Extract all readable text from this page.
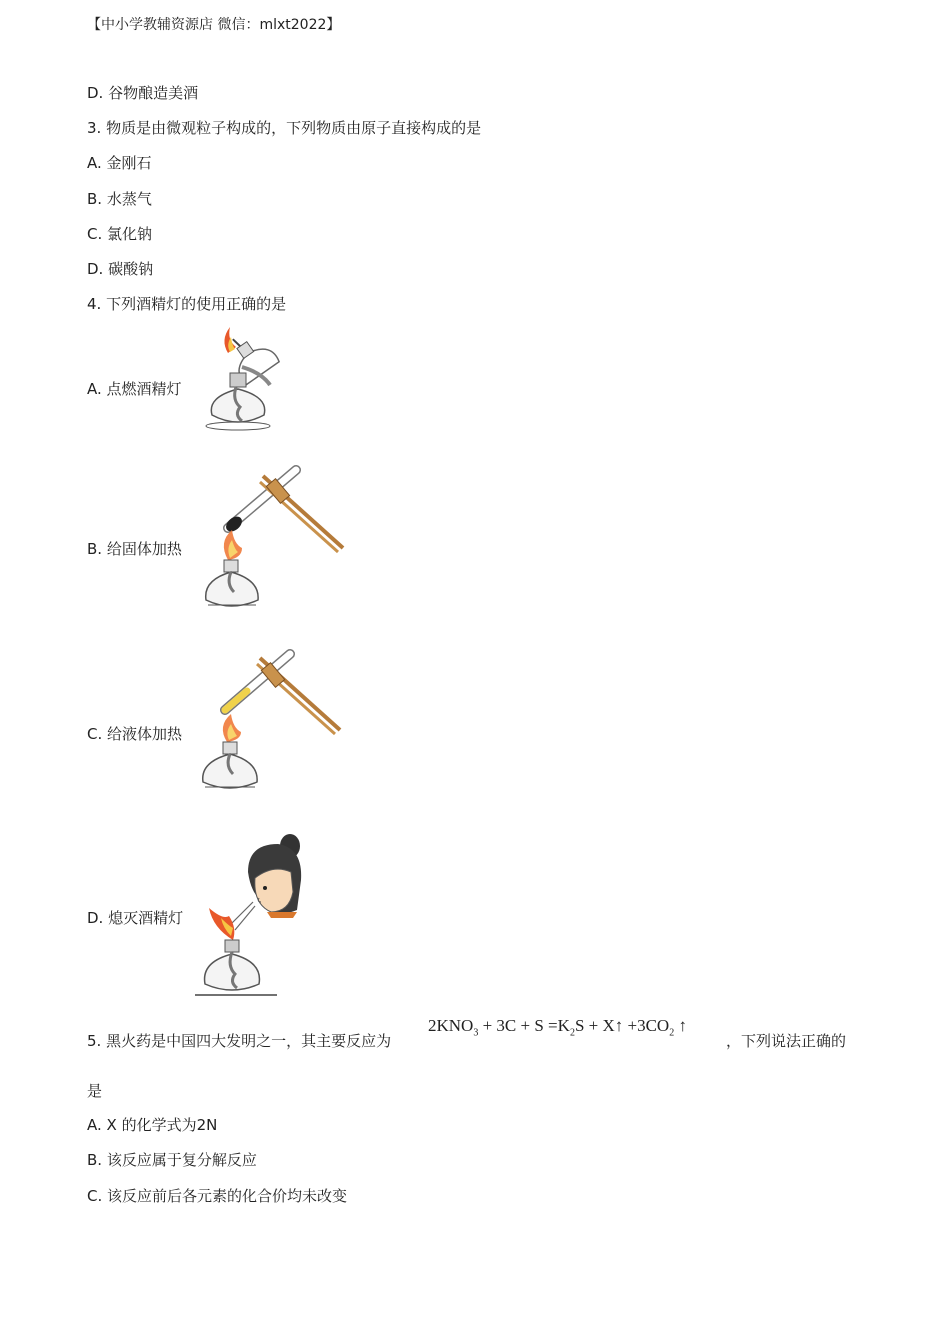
【中小学教辅资源店 微信：mlxt2022】
D. 谷物酿造美酒
3. 物质是由微观粒子构成的，下列物质由原子直接构成的是
A. 金刚石
B. 水蒸气
C. 氯化钠
D. 碳酸钠
4. 下列酒精灯的使用正确的是
A. 点燃酒精灯
B. 给固体加热
C. 给液体加热
D. 熄灭酒精灯
5. 黑火药是中国四大发明之一，其主要反应为
$2KNO_3 + 3C + S =K_2S$ + X↑ $+3CO_2$ ↑
，下列说法正确的
是
A. X 的化学式为2N
B. 该反应属于复分解反应
C. 该反应前后各元素的化合价均未改变
